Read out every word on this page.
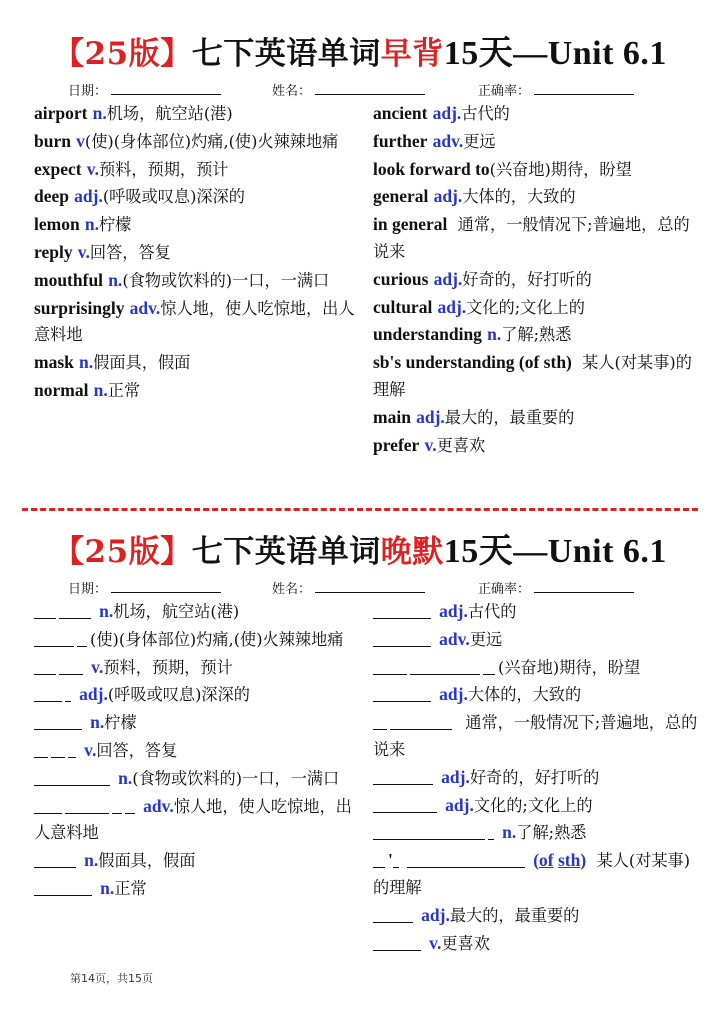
【25版】七下英语单词早背15天—Unit 6.1
日期：	姓名：	正确率：
airport n.机场，航空站(港)
burn v(使)(身体部位)灼痛,(使)火辣辣地痛
expect v.预料，预期，预计
deep adj.(呼吸或叹息)深深的
lemon n.柠檬
reply v.回答，答复
mouthful n.(食物或饮料的)一口，一满口
surprisingly adv.惊人地，使人吃惊地，出人意料地
mask n.假面具，假面
normal n.正常
ancient adj.古代的
further adv.更远
look forward to(兴奋地)期待，盼望
general adj.大体的，大致的
in general 通常，一般情况下;普遍地，总的说来
curious adj.好奇的，好打听的
cultural adj.文化的;文化上的
understanding n.了解;熟悉
sb's understanding (of sth) 某人(对某事)的理解
main adj.最大的，最重要的
prefer v.更喜欢
【25版】七下英语单词晚默15天—Unit 6.1
日期：	姓名：	正确率：
n.机场，航空站(港)
(使)(身体部位)灼痛,(使)火辣辣地痛
v.预料，预期，预计
adj.(呼吸或叹息)深深的
n.柠檬
v.回答，答复
n.(食物或饮料的)一口，一满口
adv.惊人地，使人吃惊地，出人意料地
n.假面具，假面
n.正常
adj.古代的
adv.更远
(兴奋地)期待，盼望
adj.大体的，大致的
通常，一般情况下;普遍地，总的说来
adj.好奇的，好打听的
adj.文化的;文化上的
n.了解;熟悉
'	(of sth) 某人(对某事)的理解
adj.最大的，最重要的
v.更喜欢
第14页，共15页
